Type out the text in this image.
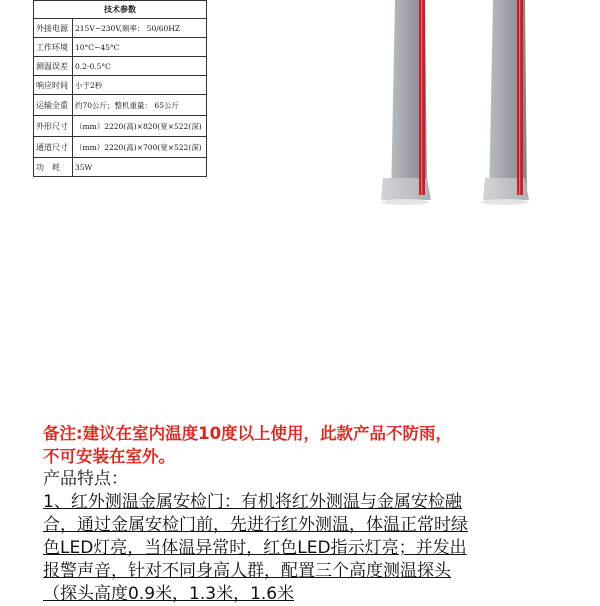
技术参数	
外接电源	215V~230V,频率： 50/60HZ
工作环境	10°C~45°C
测温误差	0.2-0.5°C
响应时间	小于2秒
运输全重	约70公斤；整机重量： 65公斤
外形尺寸	（mm）2220(高)×820(宽×522(深)
通道尺寸	（mm）2220(高)×700(宽×522(深)
功　耗	35W
备注:建议在室内温度10度以上使用，此款产品不防雨，
不可安装在室外。
产品特点：
1、红外测温金属安检门：有机将红外测温与金属安检融
合，通过金属安检门前，先进行红外测温，体温正常时绿
色LED灯亮，当体温异常时，红色LED指示灯亮；并发出
报警声音，针对不同身高人群，配置三个高度测温探头
（探头高度0.9米，1.3米，1.6米
